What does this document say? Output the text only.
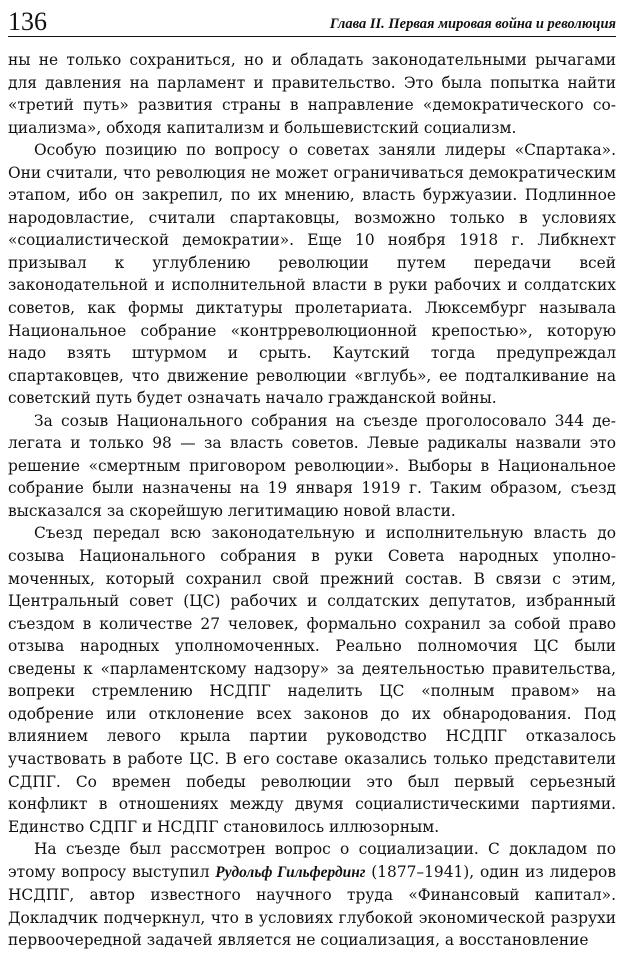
136	Глава II. Первая мировая война и революция

ны не только сохраниться, но и обладать законодательными рычагами для давления на парламент и правительство. Это была попытка найти «третий путь» развития страны в направление «демократического социализма», обходя капитализм и большевистский социализм.

Особую позицию по вопросу о советах заняли лидеры «Спартака». Они считали, что революция не может ограничиваться демократическим этапом, ибо он закрепил, по их мнению, власть буржуазии. Подлинное народовластие, считали спартаковцы, возможно только в условиях «социалистической демократии». Еще 10 ноября 1918 г. Либкнехт призывал к углублению революции путем передачи всей законодательной и исполнительной власти в руки рабочих и солдатских советов, как формы диктатуры пролетариата. Люксембург называла Национальное собрание «контрреволюционной крепостью», которую надо взять штурмом и срыть. Каутский тогда предупреждал спартаковцев, что движение революции «вглубь», ее подталкивание на советский путь будет означать начало гражданской войны.

За созыв Национального собрания на съезде проголосовало 344 делегата и только 98 — за власть советов. Левые радикалы назвали это решение «смертным приговором революции». Выборы в Национальное собрание были назначены на 19 января 1919 г. Таким образом, съезд высказался за скорейшую легитимацию новой власти.

Съезд передал всю законодательную и исполнительную власть до созыва Национального собрания в руки Совета народных уполномоченных, который сохранил свой прежний состав. В связи с этим, Центральный совет (ЦС) рабочих и солдатских депутатов, избранный съездом в количестве 27 человек, формально сохранил за собой право отзыва народных уполномоченных. Реально полномочия ЦС были сведены к «парламентскому надзору» за деятельностью правительства, вопреки стремлению НСДПГ наделить ЦС «полным правом» на одобрение или отклонение всех законов до их обнародования. Под влиянием левого крыла партии руководство НСДПГ отказалось участвовать в работе ЦС. В его составе оказались только представители СДПГ. Со времен победы революции это был первый серьезный конфликт в отношениях между двумя социалистическими партиями. Единство СДПГ и НСДПГ становилось иллюзорным.

На съезде был рассмотрен вопрос о социализации. С докладом по этому вопросу выступил Рудольф Гильфердинг (1877–1941), один из лидеров НСДПГ, автор известного научного труда «Финансовый капитал». Докладчик подчеркнул, что в условиях глубокой экономической разрухи первоочередной задачей является не социализация, а восстановление
